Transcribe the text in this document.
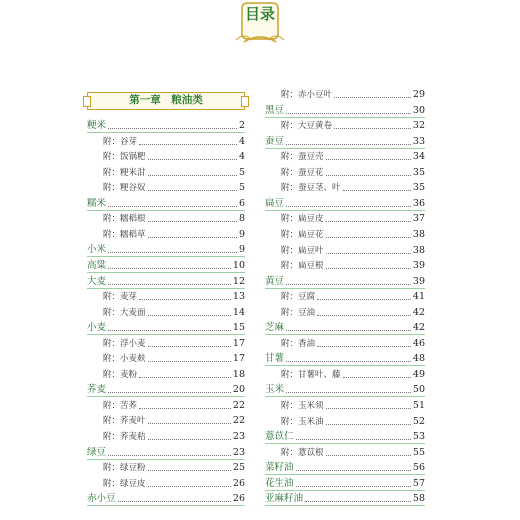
目录
第一章　粮油类
粳米	2
附：谷芽	4
附：饭锅粑	4
附：粳米泔	5
附：粳谷奴	5
糯米	6
附：糯稻根	8
附：糯稻草	9
小米	9
高粱	10
大麦	12
附：麦芽	13
附：大麦面	14
小麦	15
附：浮小麦	17
附：小麦麸	17
附：麦粉	18
荞麦	20
附：苦荞	22
附：荞麦叶	22
附：荞麦秸	23
绿豆	23
附：绿豆粉	25
附：绿豆皮	26
赤小豆	26
附：赤小豆叶	29
黑豆	30
附：大豆黄卷	32
蚕豆	33
附：蚕豆壳	34
附：蚕豆花	35
附：蚕豆茎、叶	35
扁豆	36
附：扁豆皮	37
附：扁豆花	38
附：扁豆叶	38
附：扁豆根	39
黄豆	39
附：豆腐	41
附：豆油	42
芝麻	42
附：香油	46
甘薯	48
附：甘薯叶、藤	49
玉米	50
附：玉米须	51
附：玉米油	52
薏苡仁	53
附：薏苡根	55
菜籽油	56
花生油	57
亚麻籽油	58
